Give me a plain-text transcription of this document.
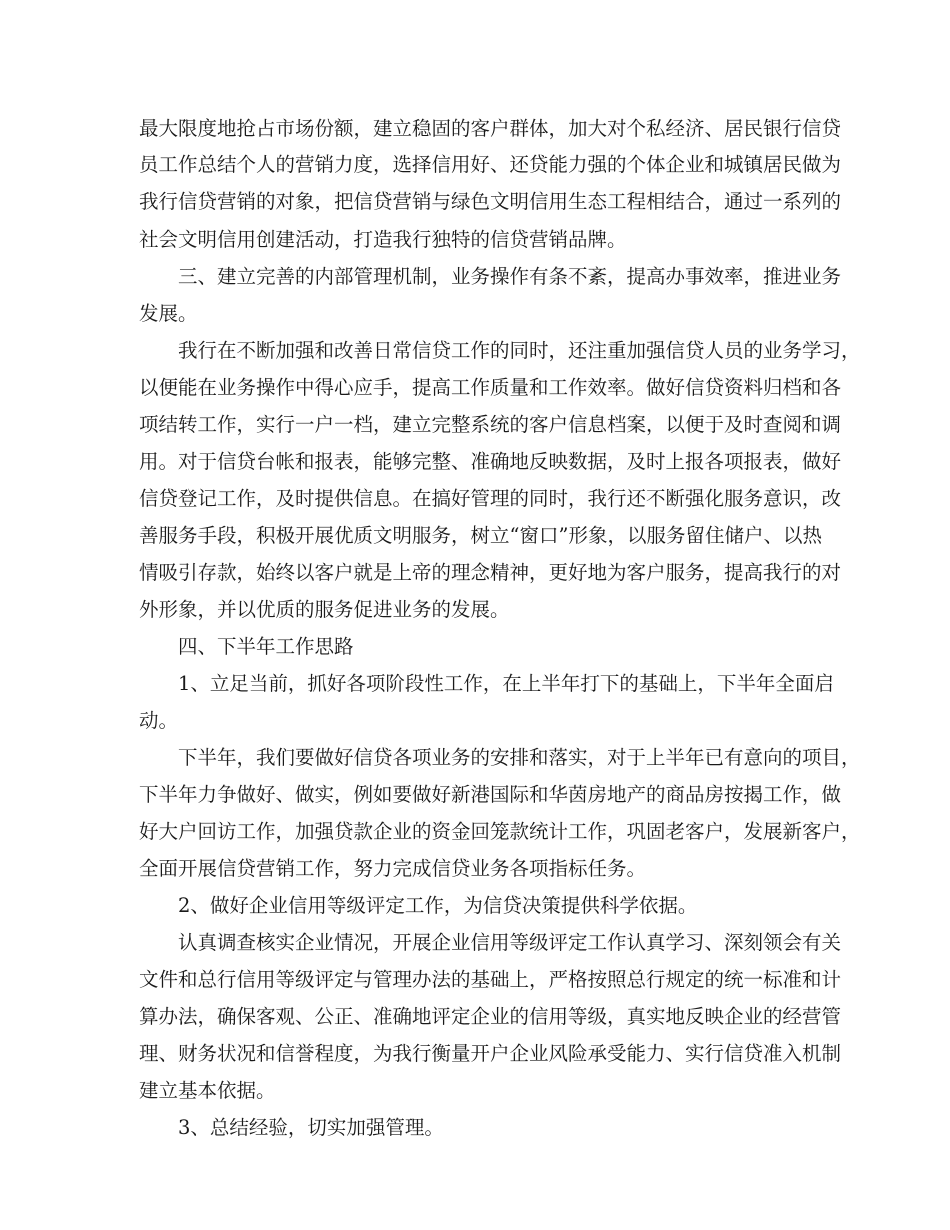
最大限度地抢占市场份额，建立稳固的客户群体，加大对个私经济、居民银行信贷

员工作总结个人的营销力度，选择信用好、还贷能力强的个体企业和城镇居民做为

我行信贷营销的对象，把信贷营销与绿色文明信用生态工程相结合，通过一系列的

社会文明信用创建活动，打造我行独特的信贷营销品牌。

三、建立完善的内部管理机制，业务操作有条不紊，提高办事效率，推进业务

发展。

我行在不断加强和改善日常信贷工作的同时，还注重加强信贷人员的业务学习，

以便能在业务操作中得心应手，提高工作质量和工作效率。做好信贷资料归档和各

项结转工作，实行一户一档，建立完整系统的客户信息档案，以便于及时查阅和调

用。对于信贷台帐和报表，能够完整、准确地反映数据，及时上报各项报表，做好

信贷登记工作，及时提供信息。在搞好管理的同时，我行还不断强化服务意识，改

善服务手段，积极开展优质文明服务，树立“窗口”形象，以服务留住储户、以热

情吸引存款，始终以客户就是上帝的理念精神，更好地为客户服务，提高我行的对

外形象，并以优质的服务促进业务的发展。

四、下半年工作思路

1、立足当前，抓好各项阶段性工作，在上半年打下的基础上，下半年全面启

动。

下半年，我们要做好信贷各项业务的安排和落实，对于上半年已有意向的项目，

下半年力争做好、做实，例如要做好新港国际和华茵房地产的商品房按揭工作，做

好大户回访工作，加强贷款企业的资金回笼款统计工作，巩固老客户，发展新客户，

全面开展信贷营销工作，努力完成信贷业务各项指标任务。

2、做好企业信用等级评定工作，为信贷决策提供科学依据。

认真调查核实企业情况，开展企业信用等级评定工作认真学习、深刻领会有关

文件和总行信用等级评定与管理办法的基础上，严格按照总行规定的统一标准和计

算办法，确保客观、公正、准确地评定企业的信用等级，真实地反映企业的经营管

理、财务状况和信誉程度，为我行衡量开户企业风险承受能力、实行信贷准入机制

建立基本依据。

3、总结经验，切实加强管理。
